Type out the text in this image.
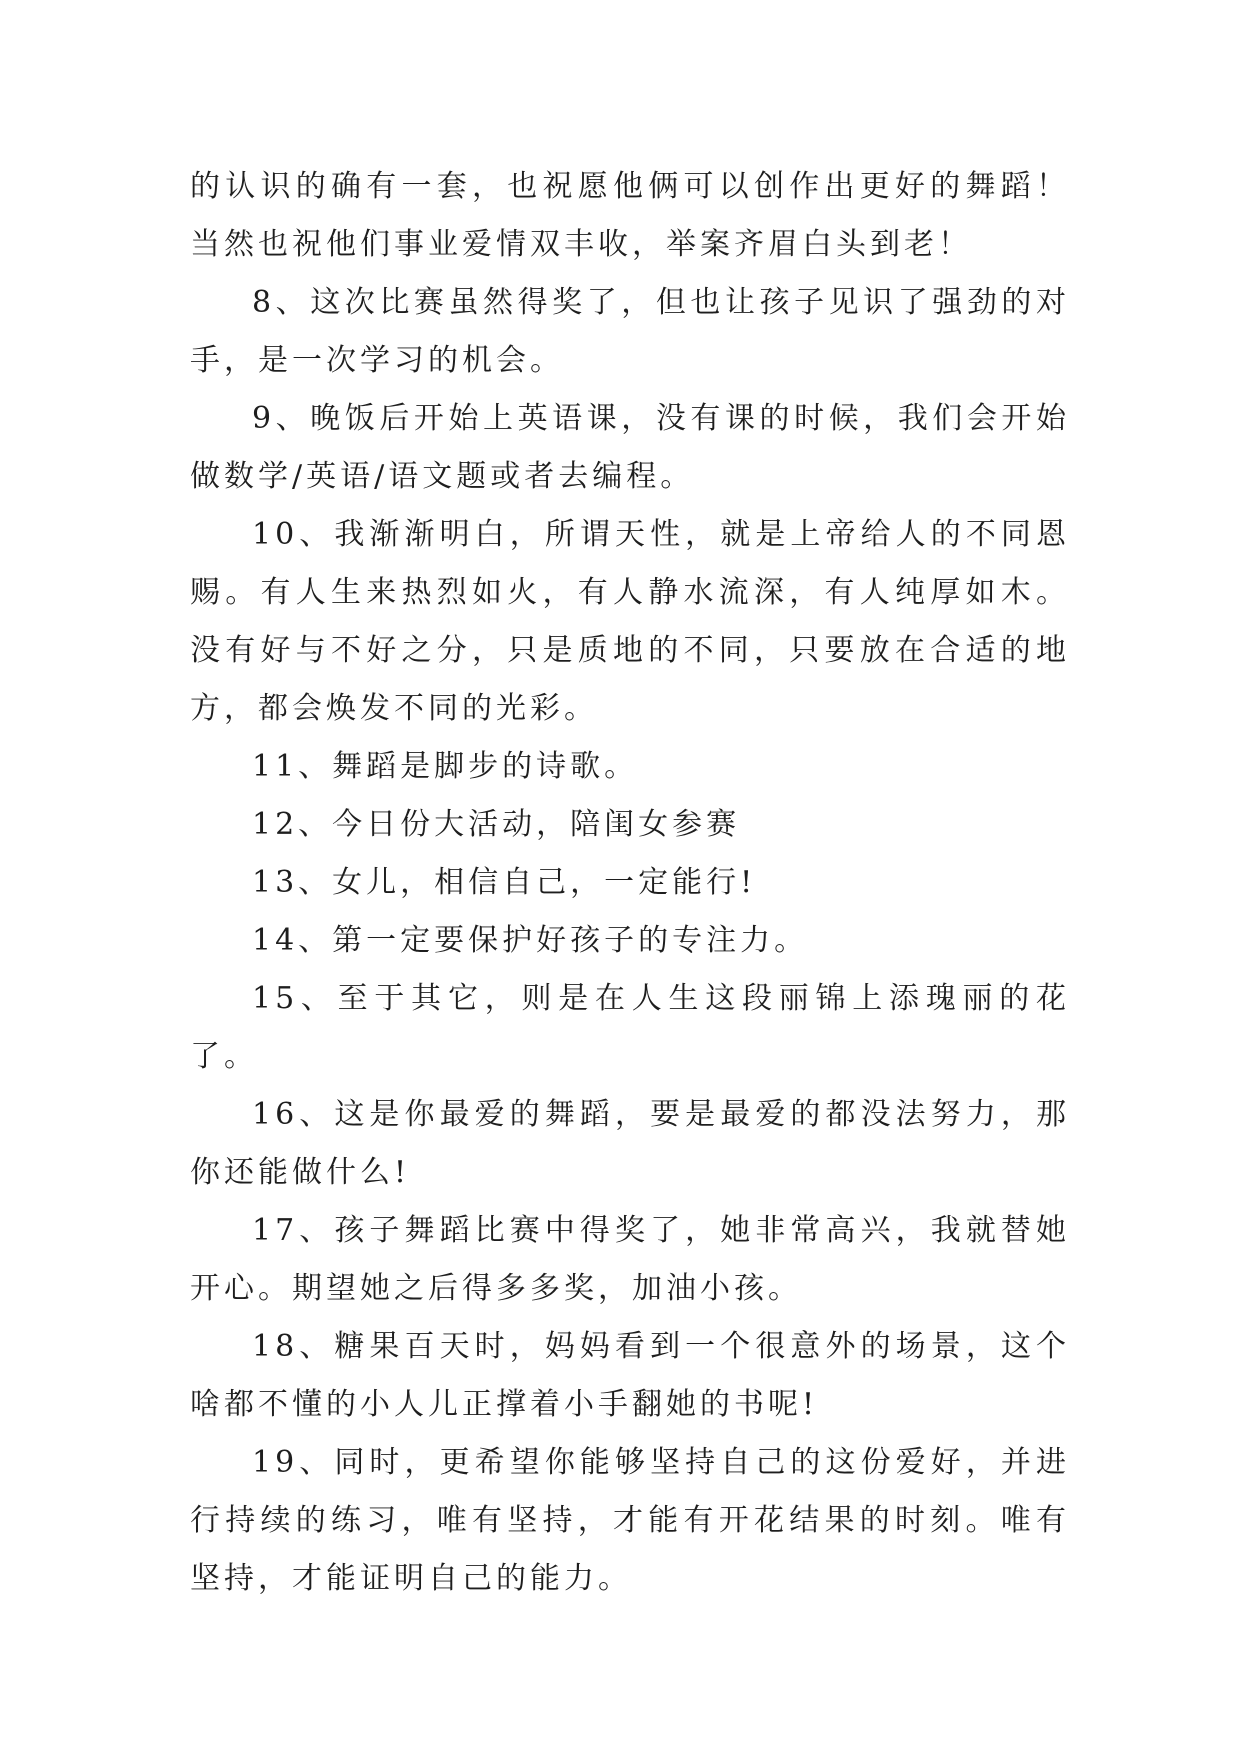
的认识的确有一套，也祝愿他俩可以创作出更好的舞蹈！当然也祝他们事业爱情双丰收，举案齐眉白头到老！

8、这次比赛虽然得奖了，但也让孩子见识了强劲的对手，是一次学习的机会。

9、晚饭后开始上英语课，没有课的时候，我们会开始做数学/英语/语文题或者去编程。

10、我渐渐明白，所谓天性，就是上帝给人的不同恩赐。有人生来热烈如火，有人静水流深，有人纯厚如木。没有好与不好之分，只是质地的不同，只要放在合适的地方，都会焕发不同的光彩。

11、舞蹈是脚步的诗歌。

12、今日份大活动，陪闺女参赛

13、女儿，相信自己，一定能行!

14、第一定要保护好孩子的专注力。

15、至于其它，则是在人生这段丽锦上添瑰丽的花了。

16、这是你最爱的舞蹈，要是最爱的都没法努力，那你还能做什么!

17、孩子舞蹈比赛中得奖了，她非常高兴，我就替她开心。期望她之后得多多奖，加油小孩。

18、糖果百天时，妈妈看到一个很意外的场景，这个啥都不懂的小人儿正撑着小手翻她的书呢!

19、同时，更希望你能够坚持自己的这份爱好，并进行持续的练习，唯有坚持，才能有开花结果的时刻。唯有坚持，才能证明自己的能力。
